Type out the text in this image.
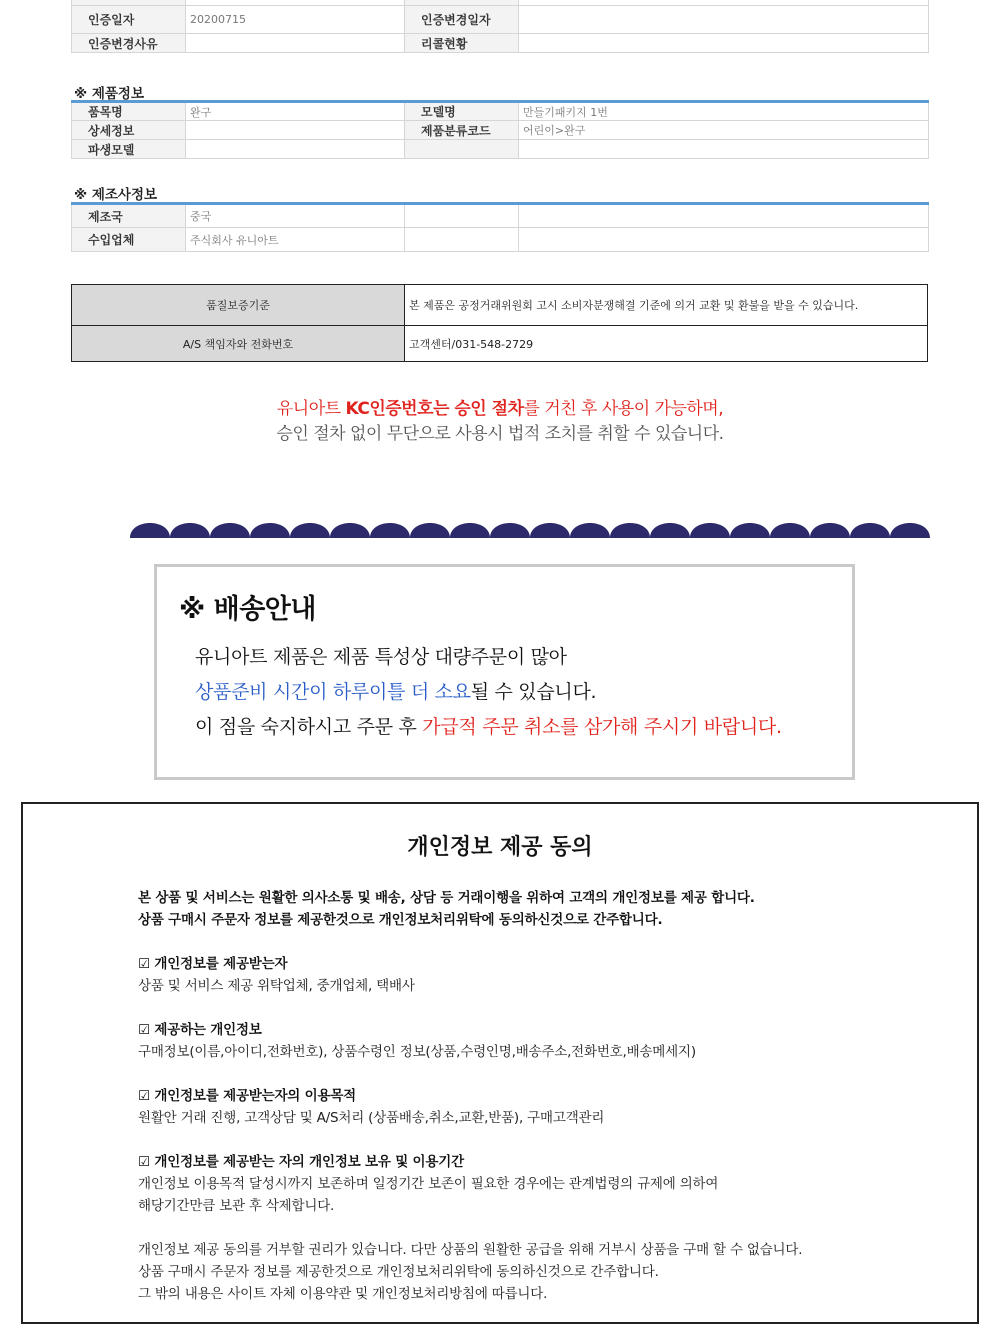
인증일자	20200715	인증변경일자	
인증변경사유		리콜현황	
※ 제품정보
품목명	완구	모델명	만들기패키지 1번
상세정보		제품분류코드	어린이>완구
파생모델			
※ 제조사정보
제조국	중국		
수입업체	주식회사 유니아트		
품질보증기준	본 제품은 공정거래위원회 고시 소비자분쟁해결 기준에 의거 교환 및 환불을 받을 수 있습니다.
A/S 책임자와 전화번호	고객센터/031-548-2729
유니아트 KC인증번호는 승인 절차를 거친 후 사용이 가능하며,
승인 절차 없이 무단으로 사용시 법적 조치를 취할 수 있습니다.
※ 배송안내
유니아트 제품은 제품 특성상 대량주문이 많아
상품준비 시간이 하루이틀 더 소요될 수 있습니다.
이 점을 숙지하시고 주문 후 가급적 주문 취소를 삼가해 주시기 바랍니다.
개인정보 제공 동의
본 상품 및 서비스는 원활한 의사소통 및 배송, 상담 등 거래이행을 위하여 고객의 개인정보를 제공 합니다.
상품 구매시 주문자 정보를 제공한것으로 개인정보처리위탁에 동의하신것으로 간주합니다.
☑ 개인정보를 제공받는자
상품 및 서비스 제공 위탁업체, 중개업체, 택배사
☑ 제공하는 개인정보
구매정보(이름,아이디,전화번호), 상품수령인 정보(상품,수령인명,배송주소,전화번호,배송메세지)
☑ 개인정보를 제공받는자의 이용목적
원활안 거래 진행, 고객상담 및 A/S처리 (상품배송,취소,교환,반품), 구매고객관리
☑ 개인정보를 제공받는 자의 개인정보 보유 및 이용기간
개인정보 이용목적 달성시까지 보존하며 일정기간 보존이 필요한 경우에는 관계법령의 규제에 의하여
해당기간만큼 보관 후 삭제합니다.
개인정보 제공 동의를 거부할 권리가 있습니다. 다만 상품의 원활한 공급을 위해 거부시 상품을 구매 할 수 없습니다.
상품 구매시 주문자 정보를 제공한것으로 개인정보처리위탁에 동의하신것으로 간주합니다.
그 밖의 내용은 사이트 자체 이용약관 및 개인정보처리방침에 따릅니다.
